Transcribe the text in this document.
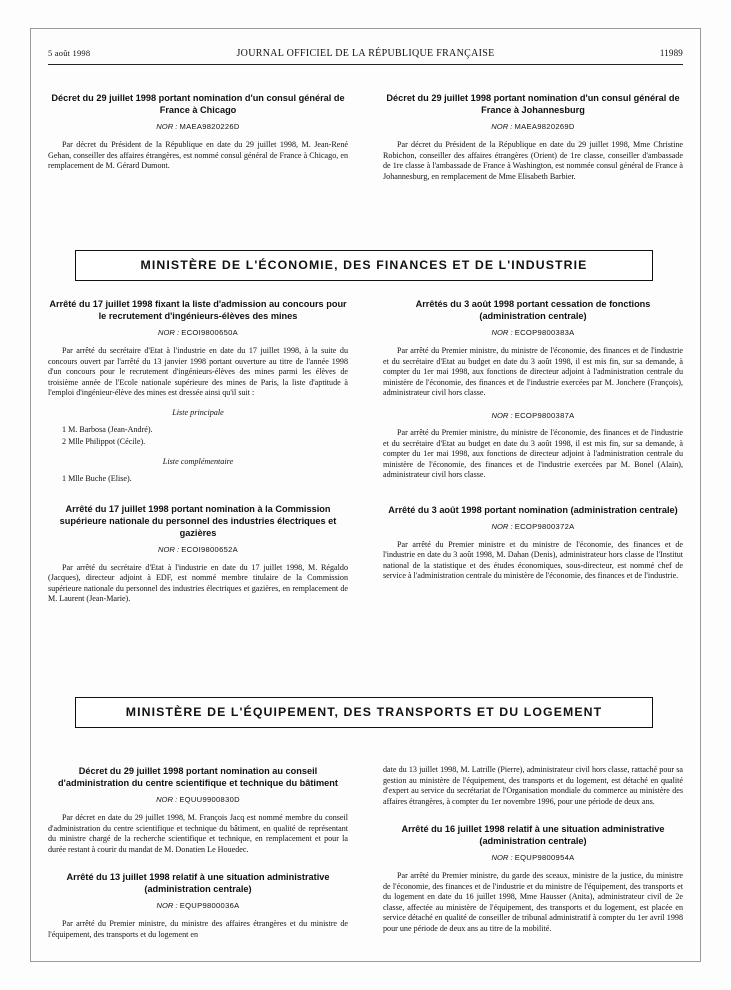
5 août 1998	JOURNAL OFFICIEL DE LA RÉPUBLIQUE FRANÇAISE	11989
Décret du 29 juillet 1998 portant nomination d'un consul général de France à Chicago
NOR : MAEA9820226D

Par décret du Président de la République en date du 29 juillet 1998, M. Jean-René Gehan, conseiller des affaires étrangères, est nommé consul général de France à Chicago, en remplacement de M. Gérard Dumont.

Décret du 29 juillet 1998 portant nomination d'un consul général de France à Johannesburg
NOR : MAEA9820269D

Par décret du Président de la République en date du 29 juillet 1998, Mme Christine Robichon, conseiller des affaires étrangères (Orient) de 1re classe, conseiller d'ambassade de 1re classe à l'ambassade de France à Washington, est nommée consul général de France à Johannesburg, en remplacement de Mme Elisabeth Barbier.

MINISTÈRE DE L'ÉCONOMIE, DES FINANCES ET DE L'INDUSTRIE
Arrêté du 17 juillet 1998 fixant la liste d'admission au concours pour le recrutement d'ingénieurs-élèves des mines
NOR : ECOI9800650A

Par arrêté du secrétaire d'Etat à l'industrie en date du 17 juillet 1998, à la suite du concours ouvert par l'arrêté du 13 janvier 1998 portant ouverture au titre de l'année 1998 d'un concours pour le recrutement d'ingénieurs-élèves des mines parmi les élèves de troisième année de l'Ecole nationale supérieure des mines de Paris, la liste d'aptitude à l'emploi d'ingénieur-élève des mines est dressée ainsi qu'il suit :

Liste principale
1 M. Barbosa (Jean-André).
2 Mlle Philippot (Cécile).
Liste complémentaire
1 Mlle Buche (Elise).
Arrêté du 17 juillet 1998 portant nomination à la Commission supérieure nationale du personnel des industries électriques et gazières
NOR : ECOI9800652A

Par arrêté du secrétaire d'Etat à l'industrie en date du 17 juillet 1998, M. Régaldo (Jacques), directeur adjoint à EDF, est nommé membre titulaire de la Commission supérieure nationale du personnel des industries électriques et gazières, en remplacement de M. Laurent (Jean-Marie).

Arrêtés du 3 août 1998 portant cessation de fonctions (administration centrale)
NOR : ECOP9800383A

Par arrêté du Premier ministre, du ministre de l'économie, des finances et de l'industrie et du secrétaire d'Etat au budget en date du 3 août 1998, il est mis fin, sur sa demande, à compter du 1er mai 1998, aux fonctions de directeur adjoint à l'administration centrale du ministère de l'économie, des finances et de l'industrie exercées par M. Jonchere (François), administrateur civil hors classe.

NOR : ECOP9800387A

Par arrêté du Premier ministre, du ministre de l'économie, des finances et de l'industrie et du secrétaire d'Etat au budget en date du 3 août 1998, il est mis fin, sur sa demande, à compter du 1er mai 1998, aux fonctions de directeur adjoint à l'administration centrale du ministère de l'économie, des finances et de l'industrie exercées par M. Bonel (Alain), administrateur civil hors classe.

Arrêté du 3 août 1998 portant nomination (administration centrale)
NOR : ECOP9800372A

Par arrêté du Premier ministre et du ministre de l'économie, des finances et de l'industrie en date du 3 août 1998, M. Dahan (Denis), administrateur hors classe de l'Institut national de la statistique et des études économiques, sous-directeur, est nommé chef de service à l'administration centrale du ministère de l'économie, des finances et de l'industrie.

MINISTÈRE DE L'ÉQUIPEMENT, DES TRANSPORTS ET DU LOGEMENT
Décret du 29 juillet 1998 portant nomination au conseil d'administration du centre scientifique et technique du bâtiment
NOR : EQUU9900830D

Par décret en date du 29 juillet 1998, M. François Jacq est nommé membre du conseil d'administration du centre scientifique et technique du bâtiment, en qualité de représentant du ministre chargé de la recherche scientifique et technique, en remplacement et pour la durée restant à courir du mandat de M. Donatien Le Houedec.

Arrêté du 13 juillet 1998 relatif à une situation administrative (administration centrale)
NOR : EQUP9800036A

Par arrêté du Premier ministre, du ministre des affaires étrangères et du ministre de l'équipement, des transports et du logement en

date du 13 juillet 1998, M. Latrille (Pierre), administrateur civil hors classe, rattaché pour sa gestion au ministère de l'équipement, des transports et du logement, est détaché en qualité d'expert au service du secrétariat de l'Organisation mondiale du commerce au ministère des affaires étrangères, à compter du 1er novembre 1996, pour une période de deux ans.

Arrêté du 16 juillet 1998 relatif à une situation administrative (administration centrale)
NOR : EQUP9800954A

Par arrêté du Premier ministre, du garde des sceaux, ministre de la justice, du ministre de l'économie, des finances et de l'industrie et du ministre de l'équipement, des transports et du logement en date du 16 juillet 1998, Mme Hausser (Anita), administrateur civil de 2e classe, affectée au ministère de l'équipement, des transports et du logement, est placée en service détaché en qualité de conseiller de tribunal administratif à compter du 1er avril 1998 pour une période de deux ans au titre de la mobilité.
